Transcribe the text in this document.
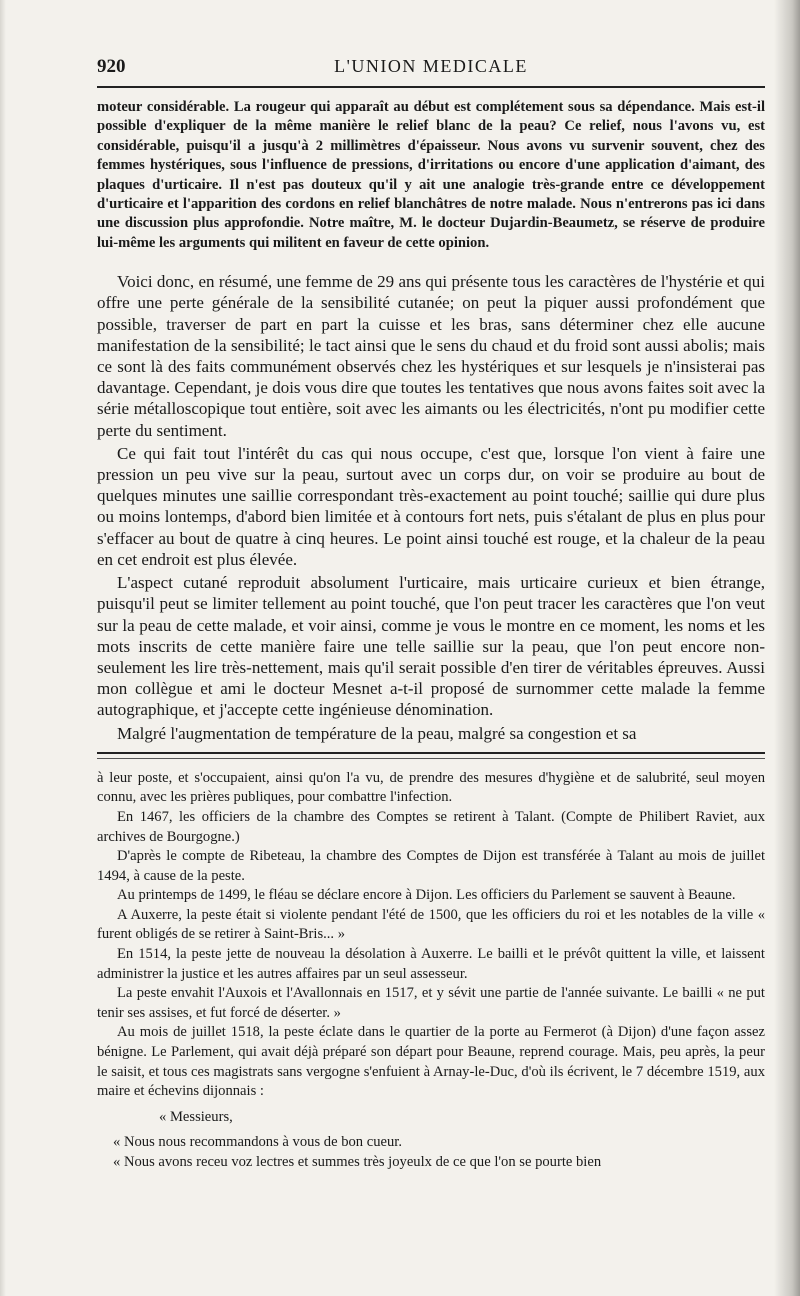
920	L'UNION MEDICALE

moteur considérable. La rougeur qui apparaît au début est complétement sous sa dépendance. Mais est-il possible d'expliquer de la même manière le relief blanc de la peau? Ce relief, nous l'avons vu, est considérable, puisqu'il a jusqu'à 2 millimètres d'épaisseur. Nous avons vu survenir souvent, chez des femmes hystériques, sous l'influence de pressions, d'irritations ou encore d'une application d'aimant, des plaques d'urticaire. Il n'est pas douteux qu'il y ait une analogie très-grande entre ce développement d'urticaire et l'apparition des cordons en relief blanchâtres de notre malade. Nous n'entrerons pas ici dans une discussion plus approfondie. Notre maître, M. le docteur Dujardin-Beaumetz, se réserve de produire lui-même les arguments qui militent en faveur de cette opinion.

Voici donc, en résumé, une femme de 29 ans qui présente tous les caractères de l'hystérie et qui offre une perte générale de la sensibilité cutanée; on peut la piquer aussi profondément que possible, traverser de part en part la cuisse et les bras, sans déterminer chez elle aucune manifestation de la sensibilité; le tact ainsi que le sens du chaud et du froid sont aussi abolis; mais ce sont là des faits communément observés chez les hystériques et sur lesquels je n'insisterai pas davantage. Cependant, je dois vous dire que toutes les tentatives que nous avons faites soit avec la série métalloscopique tout entière, soit avec les aimants ou les électricités, n'ont pu modifier cette perte du sentiment.

Ce qui fait tout l'intérêt du cas qui nous occupe, c'est que, lorsque l'on vient à faire une pression un peu vive sur la peau, surtout avec un corps dur, on voir se produire au bout de quelques minutes une saillie correspondant très-exactement au point touché; saillie qui dure plus ou moins lontemps, d'abord bien limitée et à contours fort nets, puis s'étalant de plus en plus pour s'effacer au bout de quatre à cinq heures. Le point ainsi touché est rouge, et la chaleur de la peau en cet endroit est plus élevée.

L'aspect cutané reproduit absolument l'urticaire, mais urticaire curieux et bien étrange, puisqu'il peut se limiter tellement au point touché, que l'on peut tracer les caractères que l'on veut sur la peau de cette malade, et voir ainsi, comme je vous le montre en ce moment, les noms et les mots inscrits de cette manière faire une telle saillie sur la peau, que l'on peut encore non-seulement les lire très-nettement, mais qu'il serait possible d'en tirer de véritables épreuves. Aussi mon collègue et ami le docteur Mesnet a-t-il proposé de surnommer cette malade la femme autographique, et j'accepte cette ingénieuse dénomination.

Malgré l'augmentation de température de la peau, malgré sa congestion et sa

à leur poste, et s'occupaient, ainsi qu'on l'a vu, de prendre des mesures d'hygiène et de salubrité, seul moyen connu, avec les prières publiques, pour combattre l'infection.

En 1467, les officiers de la chambre des Comptes se retirent à Talant. (Compte de Philibert Raviet, aux archives de Bourgogne.)

D'après le compte de Ribeteau, la chambre des Comptes de Dijon est transférée à Talant au mois de juillet 1494, à cause de la peste.

Au printemps de 1499, le fléau se déclare encore à Dijon. Les officiers du Parlement se sauvent à Beaune.

A Auxerre, la peste était si violente pendant l'été de 1500, que les officiers du roi et les notables de la ville « furent obligés de se retirer à Saint-Bris... »

En 1514, la peste jette de nouveau la désolation à Auxerre. Le bailli et le prévôt quittent la ville, et laissent administrer la justice et les autres affaires par un seul assesseur.

La peste envahit l'Auxois et l'Avallonnais en 1517, et y sévit une partie de l'année suivante. Le bailli « ne put tenir ses assises, et fut forcé de déserter. »

Au mois de juillet 1518, la peste éclate dans le quartier de la porte au Fermerot (à Dijon) d'une façon assez bénigne. Le Parlement, qui avait déjà préparé son départ pour Beaune, reprend courage. Mais, peu après, la peur le saisit, et tous ces magistrats sans vergogne s'enfuient à Arnay-le-Duc, d'où ils écrivent, le 7 décembre 1519, aux maire et échevins dijonnais :

« Messieurs,

« Nous nous recommandons à vous de bon cueur.

« Nous avons receu voz lectres et summes très joyeulx de ce que l'on se pourte bien
